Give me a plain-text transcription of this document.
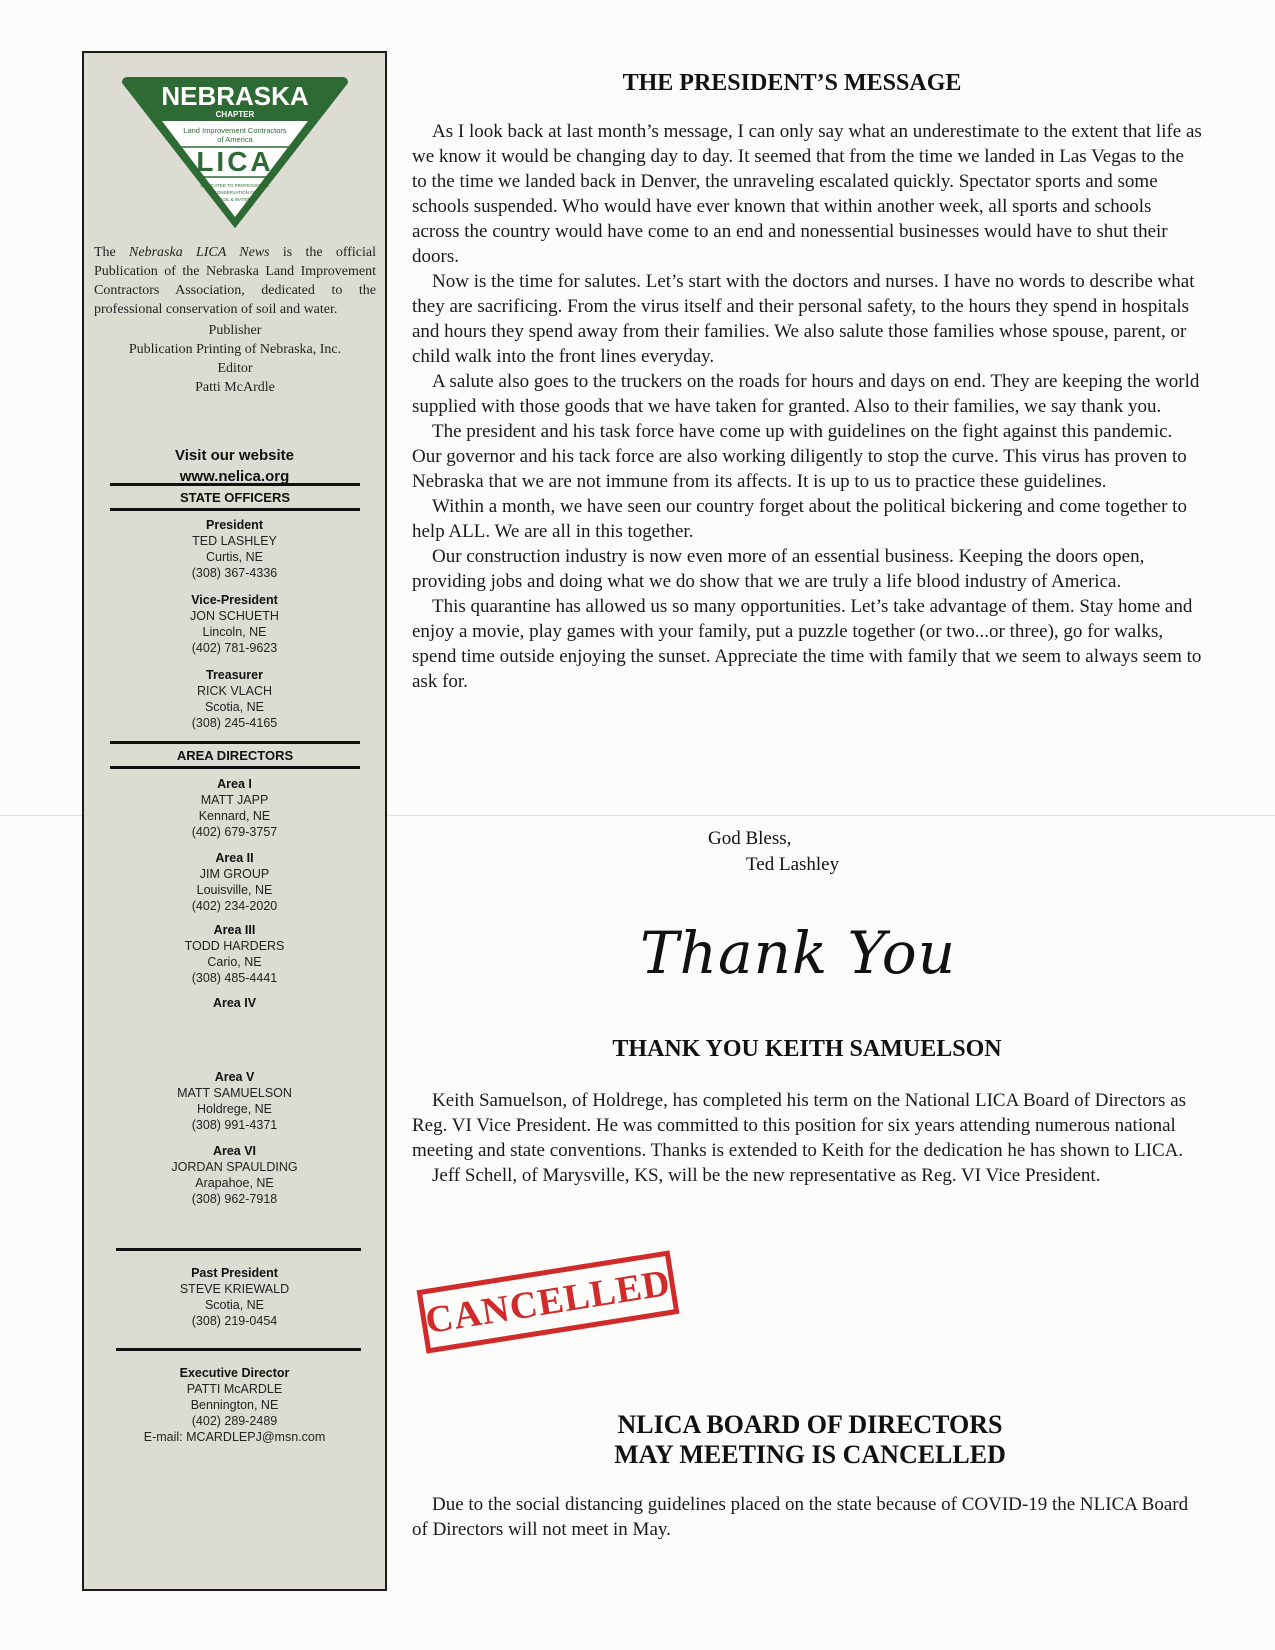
NEBRASKA
CHAPTER
Land Improvement Contractors
of America
LICA
DEDICATED TO PROFESSIONAL
CONSERVATION OF
SOIL & WATER
The Nebraska LICA News is the official Publication of the Nebraska Land Improvement Contractors Association, dedicated to the professional conservation of soil and water.
Publisher
Publication Printing of Nebraska, Inc.
Editor
Patti McArdle
Visit our website
www.nelica.org
STATE OFFICERS
President
TED LASHLEY
Curtis, NE
(308) 367-4336
Vice-President
JON SCHUETH
Lincoln, NE
(402) 781-9623
Treasurer
RICK VLACH
Scotia, NE
(308) 245-4165
AREA DIRECTORS
Area I
MATT JAPP
Kennard, NE
(402) 679-3757
Area II
JIM GROUP
Louisville, NE
(402) 234-2020
Area III
TODD HARDERS
Cario, NE
(308) 485-4441
Area IV
Area V
MATT SAMUELSON
Holdrege, NE
(308) 991-4371
Area VI
JORDAN SPAULDING
Arapahoe, NE
(308) 962-7918
Past President
STEVE KRIEWALD
Scotia, NE
(308) 219-0454
Executive Director
PATTI McARDLE
Bennington, NE
(402) 289-2489
E-mail: MCARDLEPJ@msn.com
THE PRESIDENT’S MESSAGE

As I look back at last month’s message, I can only say what an underestimate to the extent that life as we know it would be changing day to day. It seemed that from the time we landed in Las Vegas to the to the time we landed back in Denver, the unraveling escalated quickly. Spectator sports and some schools suspended. Who would have ever known that within another week, all sports and schools across the country would have come to an end and nonessential businesses would have to shut their doors.

Now is the time for salutes. Let’s start with the doctors and nurses. I have no words to describe what they are sacrificing. From the virus itself and their personal safety, to the hours they spend in hospitals and hours they spend away from their families. We also salute those families whose spouse, parent, or child walk into the front lines everyday.

A salute also goes to the truckers on the roads for hours and days on end. They are keeping the world supplied with those goods that we have taken for granted. Also to their families, we say thank you.

The president and his task force have come up with guidelines on the fight against this pandemic. Our governor and his tack force are also working diligently to stop the curve. This virus has proven to Nebraska that we are not immune from its affects. It is up to us to practice these guidelines.

Within a month, we have seen our country forget about the political bickering and come together to help ALL. We are all in this together.

Our construction industry is now even more of an essential business. Keeping the doors open, providing jobs and doing what we do show that we are truly a life blood industry of America.

This quarantine has allowed us so many opportunities. Let’s take advantage of them. Stay home and enjoy a movie, play games with your family, put a puzzle together (or two...or three), go for walks, spend time outside enjoying the sunset. Appreciate the time with family that we seem to always seem to ask for.

God Bless,
Ted Lashley
Thank You
THANK YOU KEITH SAMUELSON

Keith Samuelson, of Holdrege, has completed his term on the National LICA Board of Directors as Reg. VI Vice President. He was committed to this position for six years attending numerous national meeting and state conventions. Thanks is extended to Keith for the dedication he has shown to LICA.

Jeff Schell, of Marysville, KS, will be the new representative as Reg. VI Vice President.

CANCELLED
NLICA BOARD OF DIRECTORS
MAY MEETING IS CANCELLED

Due to the social distancing guidelines placed on the state because of COVID-19 the NLICA Board of Directors will not meet in May.
